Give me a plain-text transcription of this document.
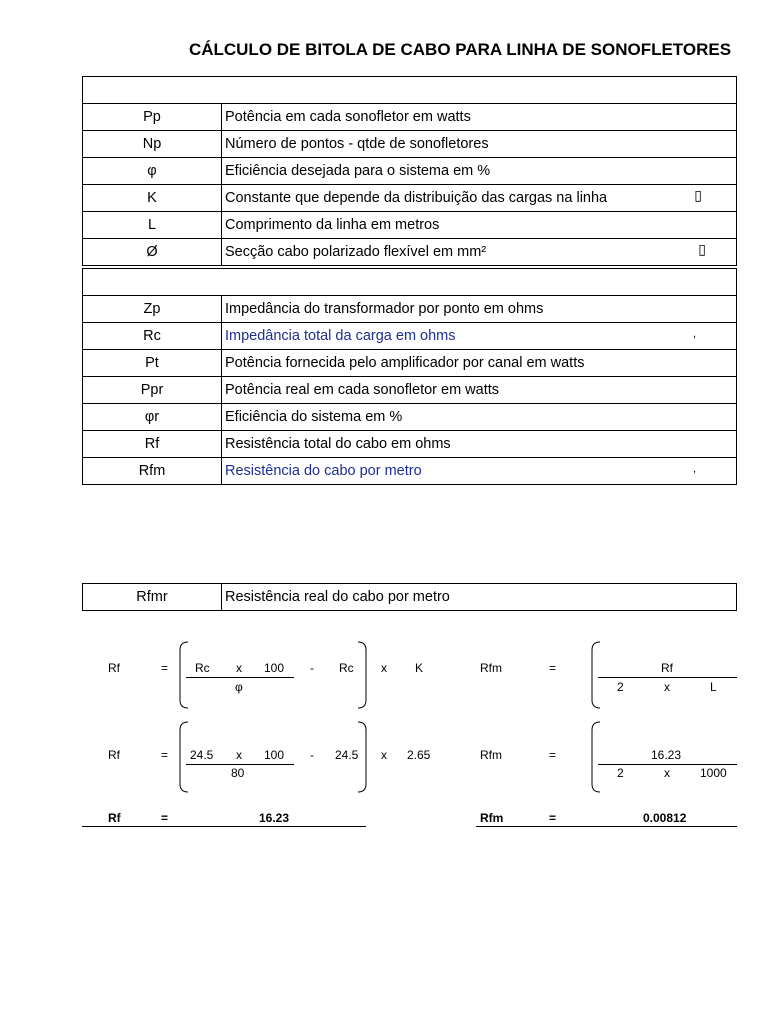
CÁLCULO DE BITOLA DE CABO PARA LINHA DE SONOFLETORES
Pp	Potência em cada sonofletor em watts
Np	Número de pontos - qtde de sonofletores
φ	Eficiência desejada para o sistema em %
K	Constante que depende da distribuição das cargas na linha ▯

L	Comprimento da linha em metros
Ø	Secção cabo polarizado flexível em mm² ▯
Zp	Impedância do transformador por ponto em ohms
Rc	Impedância total da carga em ohms ,

Pt	Potência fornecida pelo amplificador por canal em watts
Ppr	Potência real em cada sonofletor em watts
φr	Eficiência do sistema em %
Rf	Resistência total do cabo em ohms
Rfm	Resistência do cabo por metro ,
Rfmr	Resistência real do cabo por metro
Rf	= Rc x 100
φ
- Rc x K	Rfm	=	Rf
2	x	L
Rf	= 24.5 x 100
80
- 24.5 x 2.65	Rfm	=	16.23
2	x	1000
Rf	=	16.23	Rfm	=	0.00812
